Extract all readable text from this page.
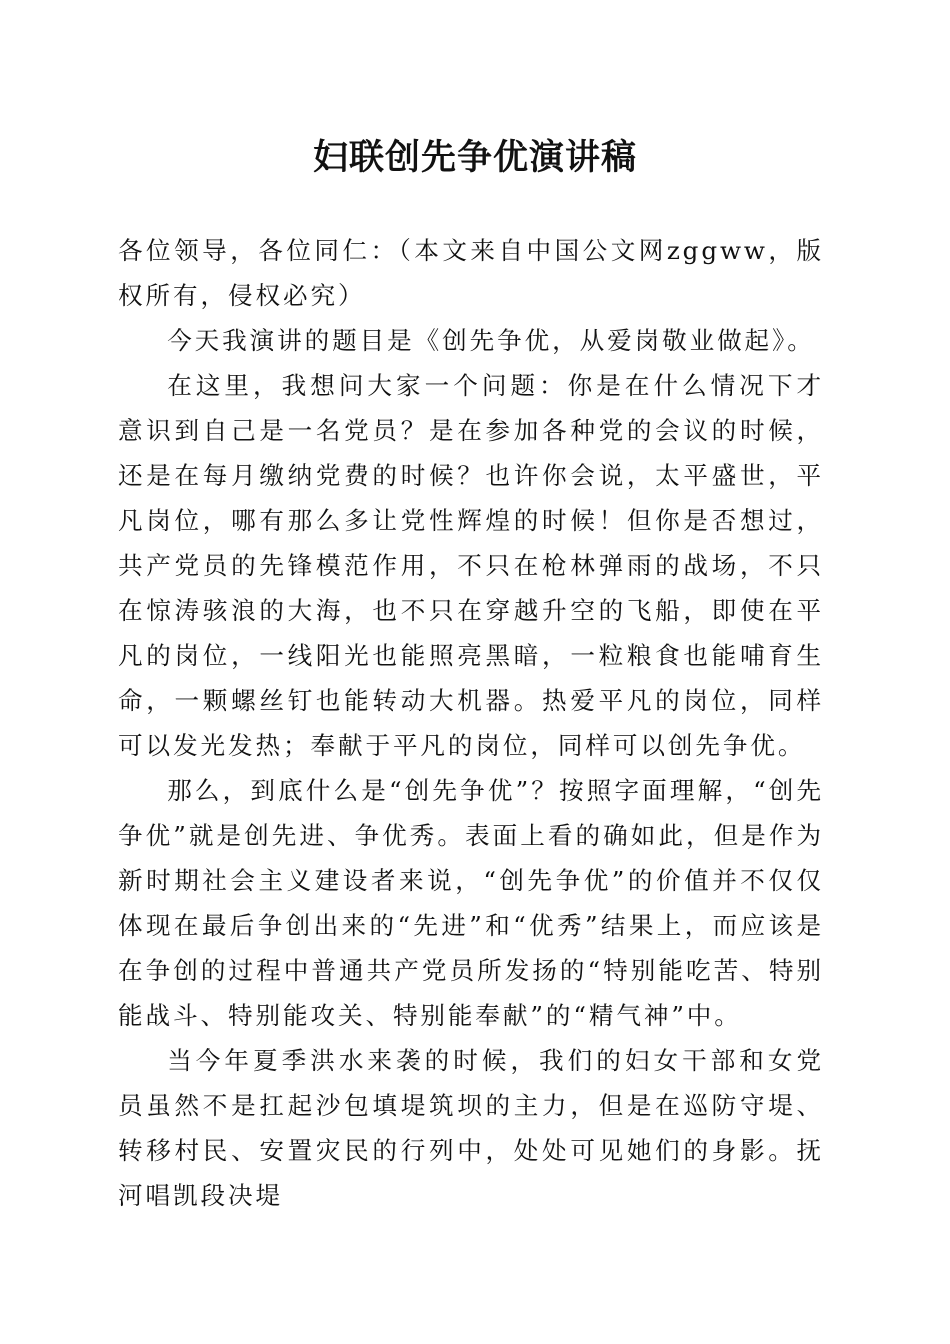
妇联创先争优演讲稿

各位领导，各位同仁：（本文来自中国公文网zggww，版权所有，侵权必究）

今天我演讲的题目是《创先争优，从爱岗敬业做起》。

在这里，我想问大家一个问题：你是在什么情况下才意识到自己是一名党员？是在参加各种党的会议的时候，还是在每月缴纳党费的时候？也许你会说，太平盛世，平凡岗位，哪有那么多让党性辉煌的时候！但你是否想过，共产党员的先锋模范作用，不只在枪林弹雨的战场，不只在惊涛骇浪的大海，也不只在穿越升空的飞船，即使在平凡的岗位，一线阳光也能照亮黑暗，一粒粮食也能哺育生命，一颗螺丝钉也能转动大机器。热爱平凡的岗位，同样可以发光发热；奉献于平凡的岗位，同样可以创先争优。

那么，到底什么是“创先争优”？按照字面理解，“创先争优”就是创先进、争优秀。表面上看的确如此，但是作为新时期社会主义建设者来说，“创先争优”的价值并不仅仅体现在最后争创出来的“先进”和“优秀”结果上，而应该是在争创的过程中普通共产党员所发扬的“特别能吃苦、特别能战斗、特别能攻关、特别能奉献”的“精气神”中。

当今年夏季洪水来袭的时候，我们的妇女干部和女党员虽然不是扛起沙包填堤筑坝的主力，但是在巡防守堤、转移村民、安置灾民的行列中，处处可见她们的身影。抚河唱凯段决堤
